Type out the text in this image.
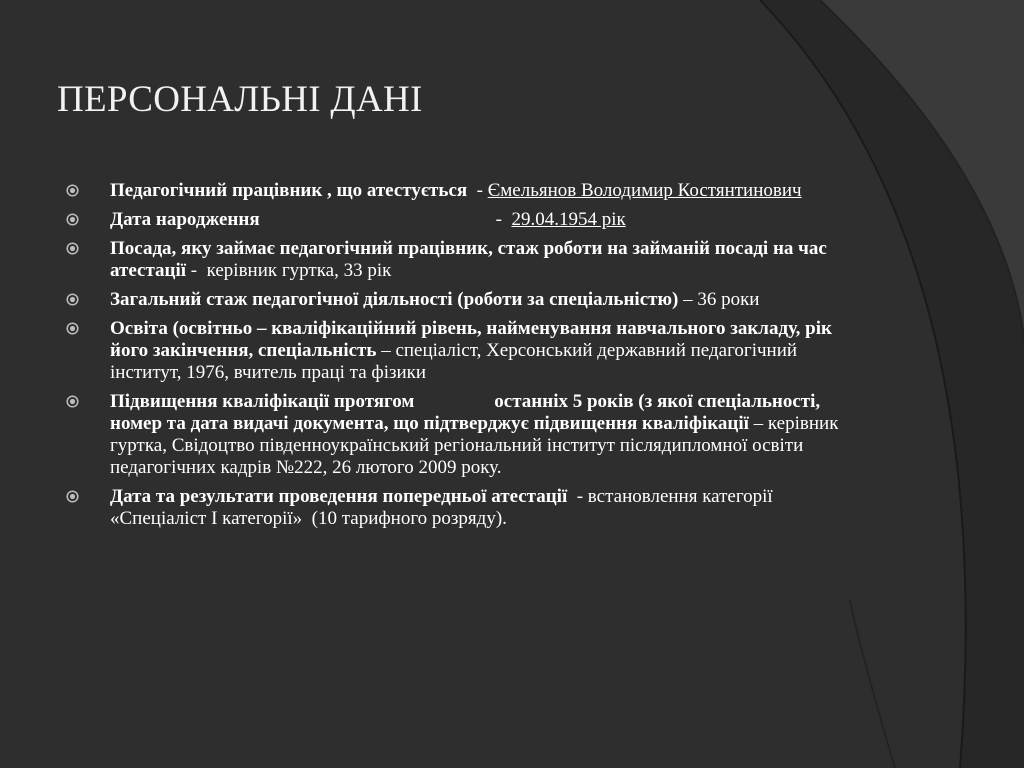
ПЕРСОНАЛЬНІ ДАНІ
Педагогічний працівник , що атестується  - Ємельянов Володимир Костянтинович
Дата народження	-  29.04.1954 рік
Посада, яку займає педагогічний працівник, стаж роботи на займаній посаді на час атестації -  керівник гуртка, 33 рік
Загальний стаж педагогічної діяльності (роботи за спеціальністю) – 36 роки
Освіта (освітньо – кваліфікаційний рівень, найменування навчального закладу, рік його закінчення, спеціальність – спеціаліст, Херсонський державний педагогічний інститут, 1976, вчитель праці та фізики
Підвищення кваліфікації протягом	останніх 5 років (з якої спеціальності, номер та дата видачі документа, що підтверджує підвищення кваліфікації – керівник гуртка, Свідоцтво південноукраїнський регіональний інститут післядипломної освіти педагогічних кадрів №222, 26 лютого 2009 року.
Дата та результати проведення попередньої атестації  - встановлення категорії «Спеціаліст І категорії»  (10 тарифного розряду).
